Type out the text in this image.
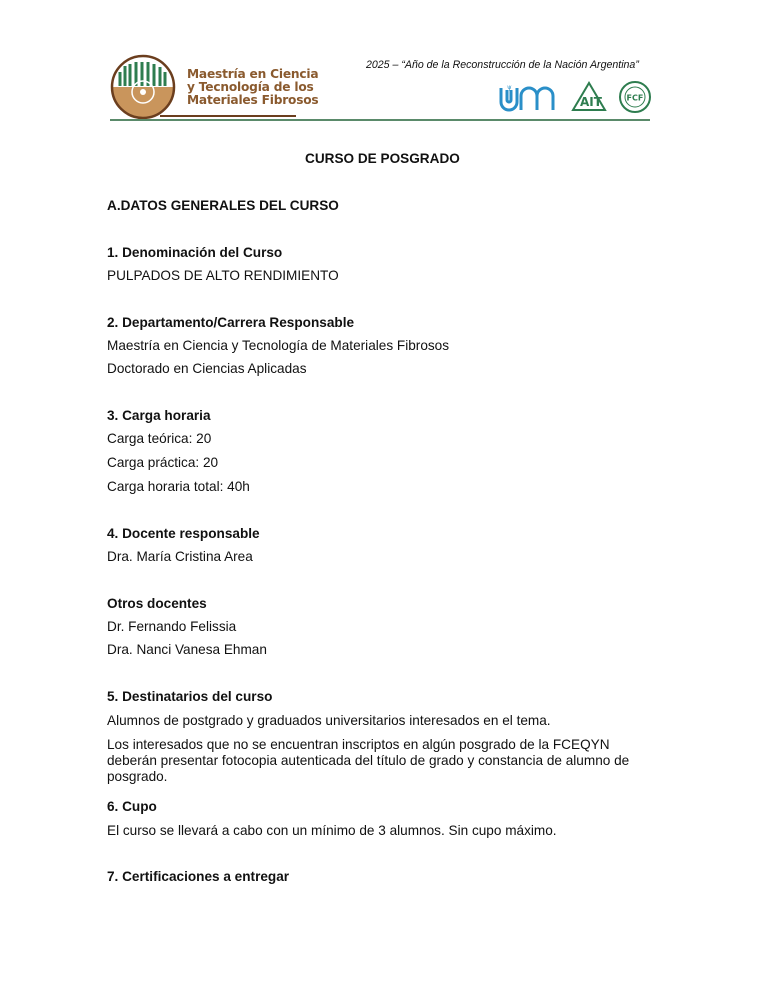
Maestría en Ciencia
y Tecnología de los
Materiales Fibrosos
2025 – “Año de la Reconstrucción de la Nación Argentina”
ψ
AIT	FCF
CURSO DE POSGRADO
A.DATOS GENERALES DEL CURSO
1. Denominación del Curso
PULPADOS DE ALTO RENDIMIENTO
2. Departamento/Carrera Responsable
Maestría en Ciencia y Tecnología de Materiales Fibrosos
Doctorado en Ciencias Aplicadas
3. Carga horaria
Carga teórica: 20
Carga práctica: 20
Carga horaria total: 40h
4. Docente responsable
Dra. María Cristina Area
Otros docentes
Dr. Fernando Felissia
Dra. Nanci Vanesa Ehman
5. Destinatarios del curso
Alumnos de postgrado y graduados universitarios interesados en el tema.
Los interesados que no se encuentran inscriptos en algún posgrado de la FCEQYN deberán presentar fotocopia autenticada del título de grado y constancia de alumno de posgrado.
6. Cupo
El curso se llevará a cabo con un mínimo de 3 alumnos. Sin cupo máximo.
7. Certificaciones a entregar
